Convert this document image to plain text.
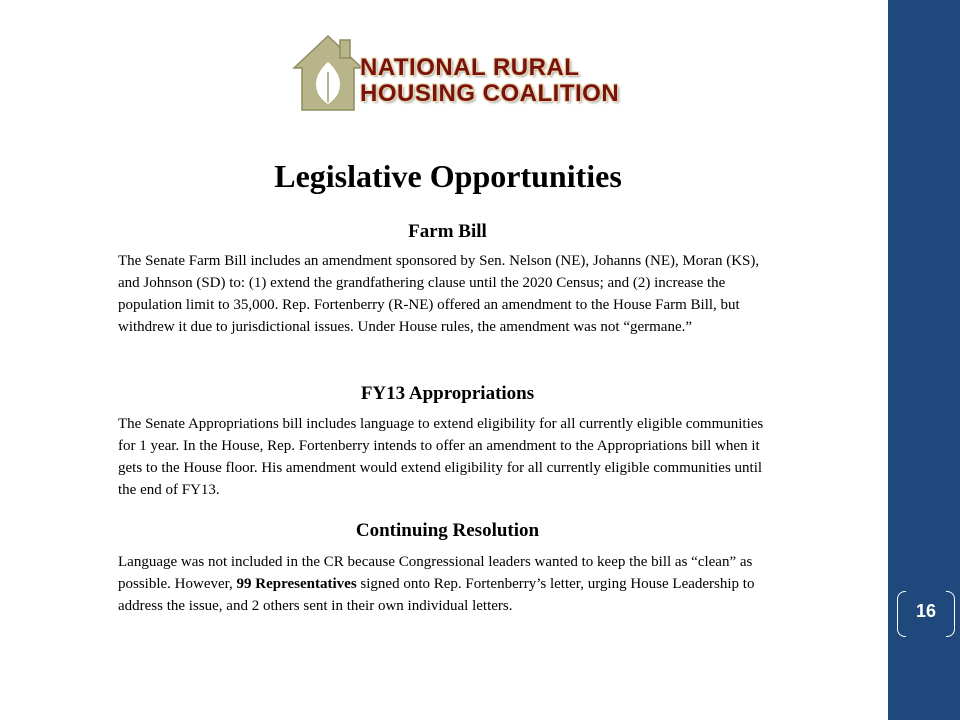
16
NATIONAL RURAL
HOUSING COALITION
Legislative Opportunities
Farm Bill

The Senate Farm Bill includes an amendment sponsored by Sen. Nelson (NE), Johanns (NE), Moran (KS), and Johnson (SD) to: (1) extend the grandfathering clause until the 2020 Census; and (2) increase the population limit to 35,000. Rep. Fortenberry (R-NE) offered an amendment to the House Farm Bill, but withdrew it due to jurisdictional issues. Under House rules, the amendment was not “germane.”

FY13 Appropriations

The Senate Appropriations bill includes language to extend eligibility for all currently eligible communities for 1 year. In the House, Rep. Fortenberry intends to offer an amendment to the Appropriations bill when it gets to the House floor. His amendment would extend eligibility for all currently eligible communities until the end of FY13.

Continuing Resolution

Language was not included in the CR because Congressional leaders wanted to keep the bill as “clean” as possible. However, 99 Representatives signed onto Rep. Fortenberry’s letter, urging House Leadership to address the issue, and 2 others sent in their own individual letters.
